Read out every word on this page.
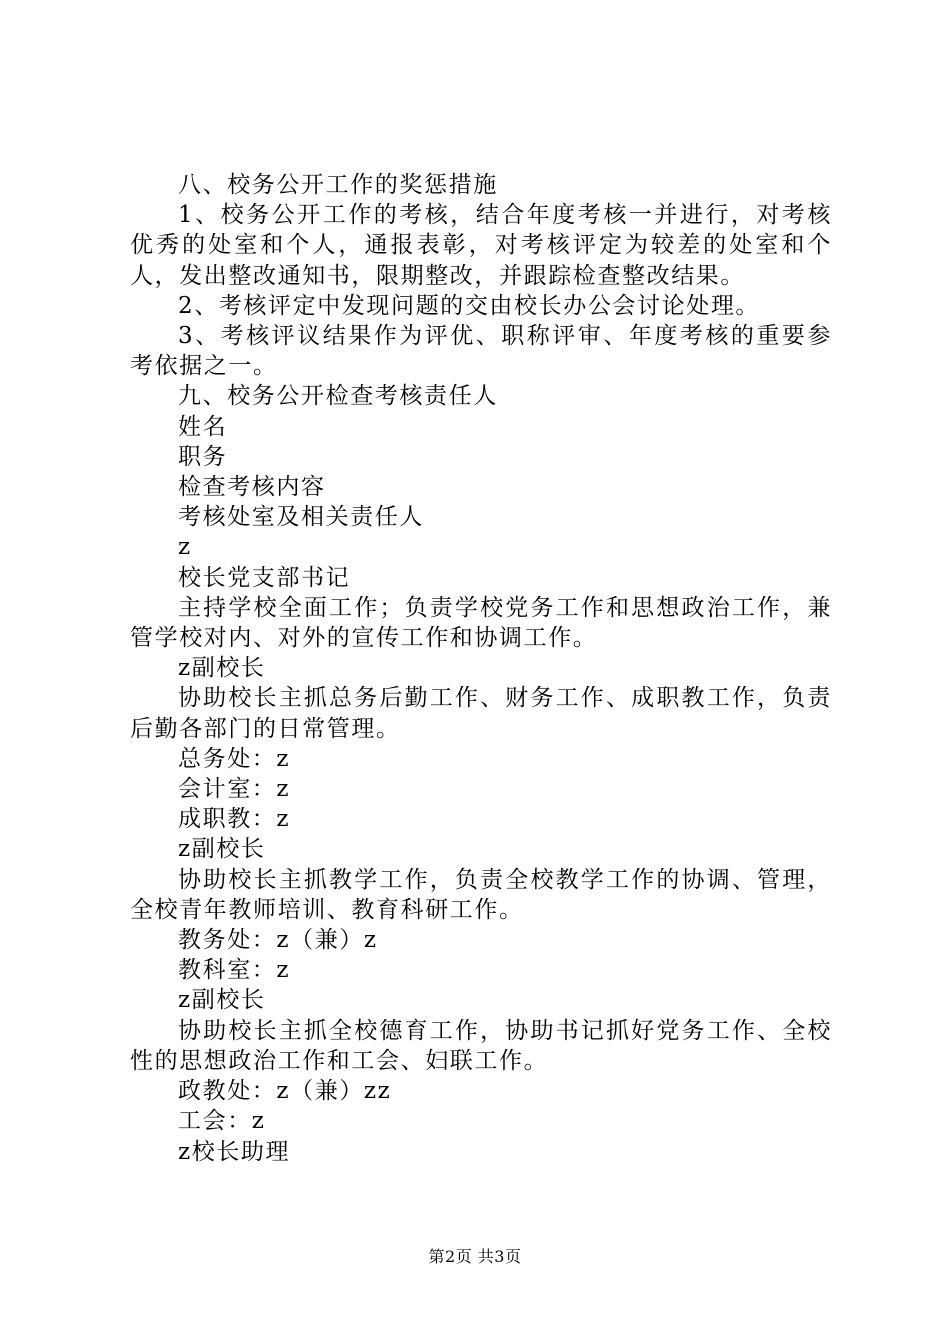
八、校务公开工作的奖惩措施

1、校务公开工作的考核，结合年度考核一并进行，对考核优秀的处室和个人，通报表彰，对考核评定为较差的处室和个人，发出整改通知书，限期整改，并跟踪检查整改结果。

2、考核评定中发现问题的交由校长办公会讨论处理。

3、考核评议结果作为评优、职称评审、年度考核的重要参考依据之一。

九、校务公开检查考核责任人

姓名

职务

检查考核内容

考核处室及相关责任人

z

校长党支部书记

主持学校全面工作；负责学校党务工作和思想政治工作，兼管学校对内、对外的宣传工作和协调工作。

z副校长

协助校长主抓总务后勤工作、财务工作、成职教工作，负责后勤各部门的日常管理。

总务处：z

会计室：z

成职教：z

z副校长

协助校长主抓教学工作，负责全校教学工作的协调、管理，全校青年教师培训、教育科研工作。

教务处：z（兼）z

教科室：z

z副校长

协助校长主抓全校德育工作，协助书记抓好党务工作、全校性的思想政治工作和工会、妇联工作。

政教处：z（兼）zz

工会：z

z校长助理

第2页 共3页
